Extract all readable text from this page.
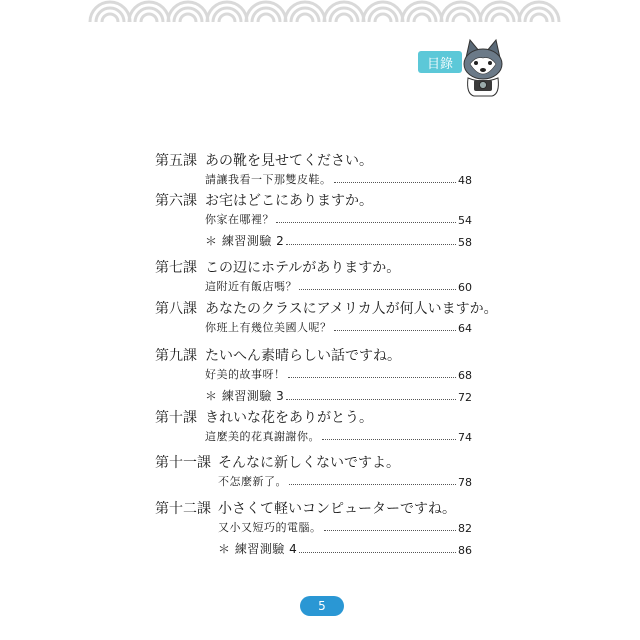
目錄
第五課 あの靴を見せてください。
請讓我看一下那雙皮鞋。	48
第六課 お宅はどこにありますか。
你家在哪裡？	54
＊ 練習測驗 2	58
第七課 この辺にホテルがありますか。
這附近有飯店嗎？	60
第八課 あなたのクラスにアメリカ人が何人いますか。
你班上有幾位美國人呢？	64
第九課 たいへん素晴らしい話ですね。
好美的故事呀！	68
＊ 練習測驗 3	72
第十課 きれいな花をありがとう。
這麼美的花真謝謝你。	74
第十一課 そんなに新しくないですよ。
不怎麼新了。	78
第十二課 小さくて軽いコンピューターですね。
又小又短巧的電腦。	82
＊ 練習測驗 4	86
5
